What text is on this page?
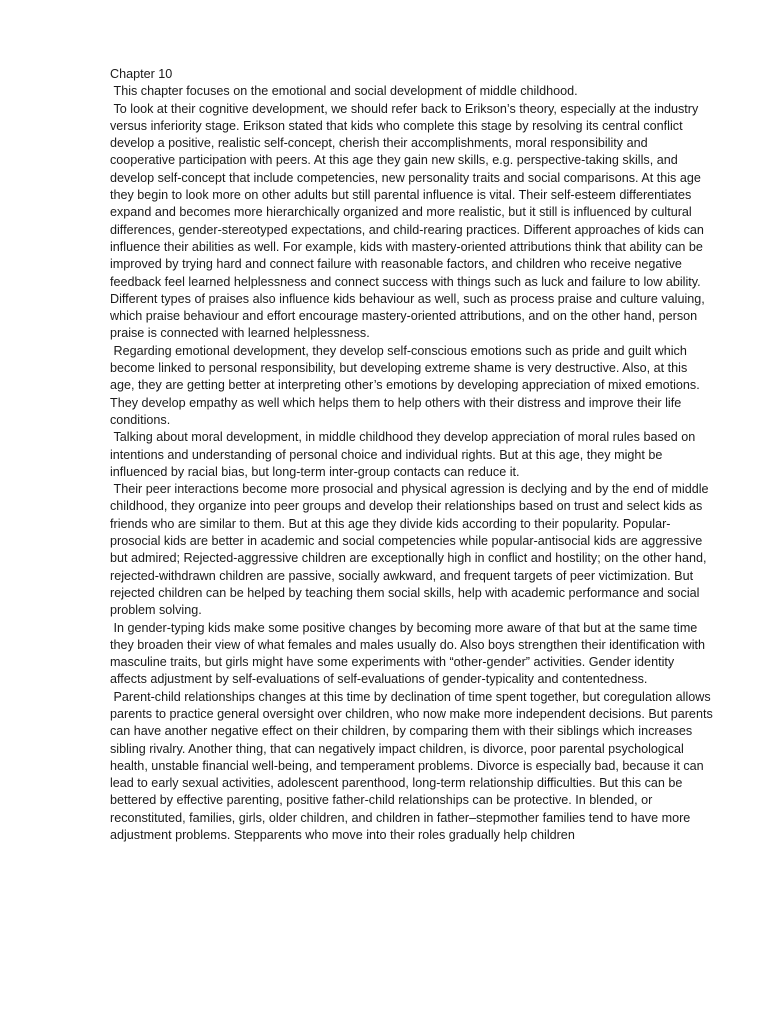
Chapter 10

This chapter focuses on the emotional and social development of middle childhood.

To look at their cognitive development, we should refer back to Erikson’s theory, especially at the industry versus inferiority stage. Erikson stated that kids who complete this stage by resolving its central conflict develop a positive, realistic self-concept, cherish their accomplishments, moral responsibility and cooperative participation with peers. At this age they gain new skills, e.g. perspective-taking skills, and develop self-concept that include competencies, new personality traits and social comparisons. At this age they begin to look more on other adults but still parental influence is vital. Their self-esteem differentiates expand and becomes more hierarchically organized and more realistic, but it still is influenced by cultural differences, gender-stereotyped expectations, and child-rearing practices. Different approaches of kids can influence their abilities as well. For example, kids with mastery-oriented attributions think that ability can be improved by trying hard and connect failure with reasonable factors, and children who receive negative feedback feel learned helplessness and connect success with things such as luck and failure to low ability. Different types of praises also influence kids behaviour as well, such as process praise and culture valuing, which praise behaviour and effort encourage mastery-oriented attributions, and on the other hand, person praise is connected with learned helplessness.

Regarding emotional development, they develop self-conscious emotions such as pride and guilt which become linked to personal responsibility, but developing extreme shame is very destructive. Also, at this age, they are getting better at interpreting other’s emotions by developing appreciation of mixed emotions. They develop empathy as well which helps them to help others with their distress and improve their life conditions.

Talking about moral development, in middle childhood they develop appreciation of moral rules based on intentions and understanding of personal choice and individual rights. But at this age, they might be influenced by racial bias, but long-term inter-group contacts can reduce it.

Their peer interactions become more prosocial and physical agression is declying and by the end of middle childhood, they organize into peer groups and develop their relationships based on trust and select kids as friends who are similar to them. But at this age they divide kids according to their popularity. Popular-prosocial kids are better in academic and social competencies while popular-antisocial kids are aggressive but admired; Rejected-aggressive children are exceptionally high in conflict and hostility; on the other hand, rejected-withdrawn children are passive, socially awkward, and frequent targets of peer victimization. But rejected children can be helped by teaching them social skills, help with academic performance and social problem solving.

In gender-typing kids make some positive changes by becoming more aware of that but at the same time they broaden their view of what females and males usually do. Also boys strengthen their identification with masculine traits, but girls might have some experiments with “other-gender” activities. Gender identity affects adjustment by self-evaluations of self-evaluations of gender-typicality and contentedness.

Parent-child relationships changes at this time by declination of time spent together, but coregulation allows parents to practice general oversight over children, who now make more independent decisions. But parents can have another negative effect on their children, by comparing them with their siblings which increases sibling rivalry. Another thing, that can negatively impact children, is divorce, poor parental psychological health, unstable financial well-being, and temperament problems. Divorce is especially bad, because it can lead to early sexual activities, adolescent parenthood, long-term relationship difficulties. But this can be bettered by effective parenting, positive father-child relationships can be protective. In blended, or reconstituted, families, girls, older children, and children in father–stepmother families tend to have more adjustment problems. Stepparents who move into their roles gradually help children
